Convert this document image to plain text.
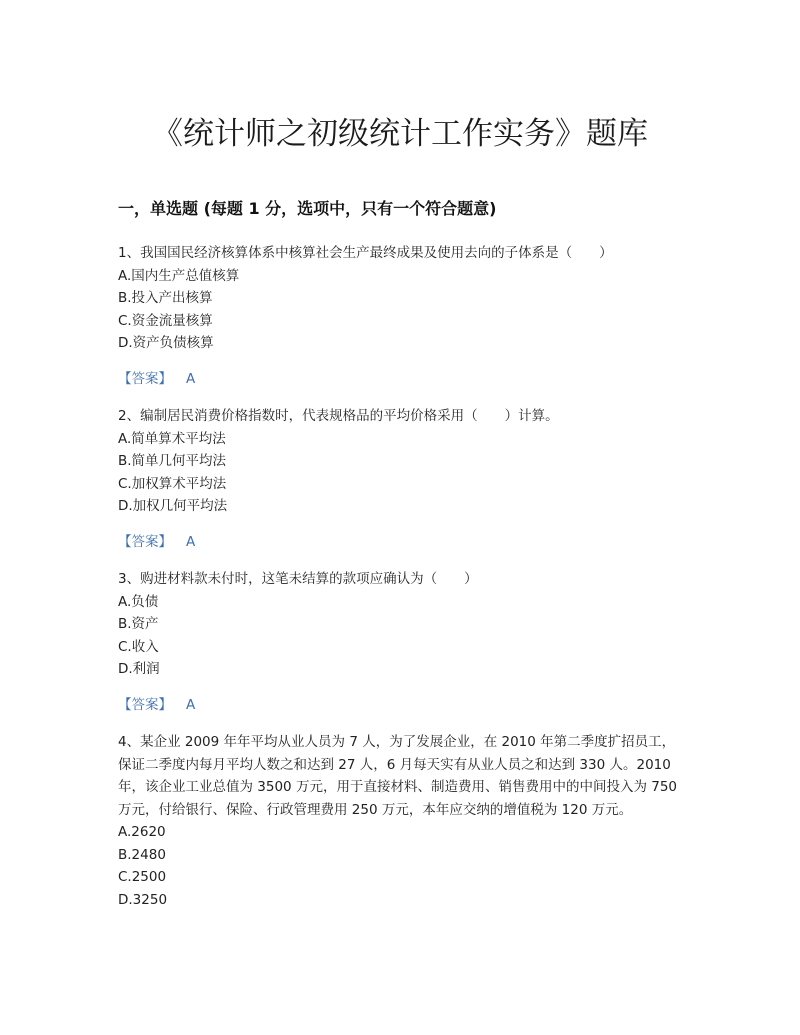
《统计师之初级统计工作实务》题库
一，单选题 (每题 1 分，选项中，只有一个符合题意)

1、我国国民经济核算体系中核算社会生产最终成果及使用去向的子体系是（　　）

A.国内生产总值核算

B.投入产出核算

C.资金流量核算

D.资产负债核算

【答案】 A

2、编制居民消费价格指数时，代表规格品的平均价格采用（　　）计算。

A.简单算术平均法

B.简单几何平均法

C.加权算术平均法

D.加权几何平均法

【答案】 A

3、购进材料款未付时，这笔未结算的款项应确认为（　　）

A.负债

B.资产

C.收入

D.利润

【答案】 A

4、某企业 2009 年年平均从业人员为 7 人，为了发展企业，在 2010 年第二季度扩招员工，保证二季度内每月平均人数之和达到 27 人，6 月每天实有从业人员之和达到 330 人。2010 年，该企业工业总值为 3500 万元，用于直接材料、制造费用、销售费用中的中间投入为 750 万元，付给银行、保险、行政管理费用 250 万元，本年应交纳的增值税为 120 万元。

A.2620

B.2480

C.2500

D.3250
